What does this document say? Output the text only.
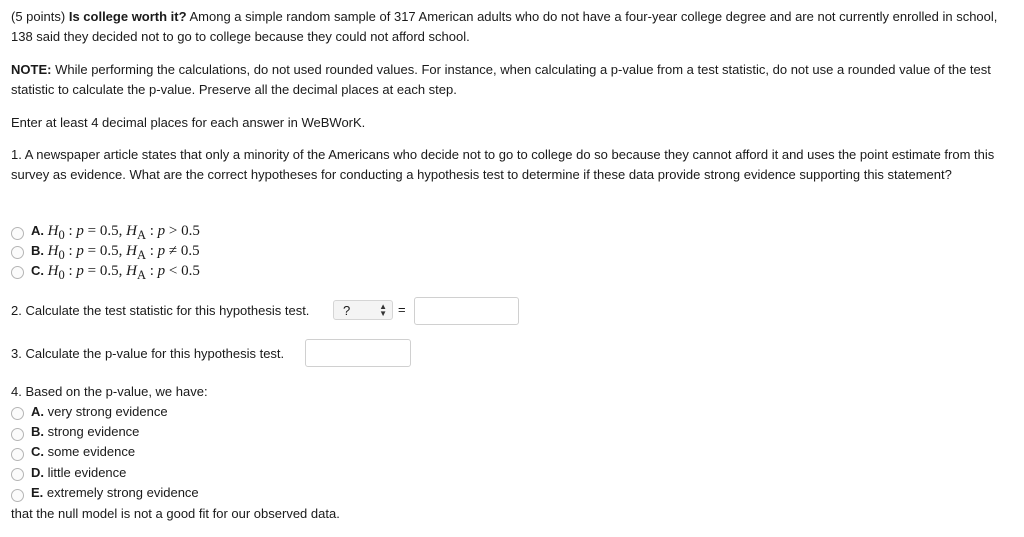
(5 points) Is college worth it? Among a simple random sample of 317 American adults who do not have a four-year college degree and are not currently enrolled in school, 138 said they decided not to go to college because they could not afford school.

NOTE: While performing the calculations, do not used rounded values. For instance, when calculating a p-value from a test statistic, do not use a rounded value of the test statistic to calculate the p-value. Preserve all the decimal places at each step.

Enter at least 4 decimal places for each answer in WeBWorK.

1. A newspaper article states that only a minority of the Americans who decide not to go to college do so because they cannot afford it and uses the point estimate from this survey as evidence. What are the correct hypotheses for conducting a hypothesis test to determine if these data provide strong evidence supporting this statement?

A. $H_0$ : p = 0.5, $H_A$ : p > 0.5
B. $H_0$ : p = 0.5, $H_A$ : p ≠ 0.5
C. $H_0$ : p = 0.5, $H_A$ : p < 0.5
2. Calculate the test statistic for this hypothesis test.	?	▲
▼ =
3. Calculate the p-value for this hypothesis test.
4. Based on the p-value, we have:
A. very strong evidence
B. strong evidence
C. some evidence
D. little evidence
E. extremely strong evidence
that the null model is not a good fit for our observed data.
